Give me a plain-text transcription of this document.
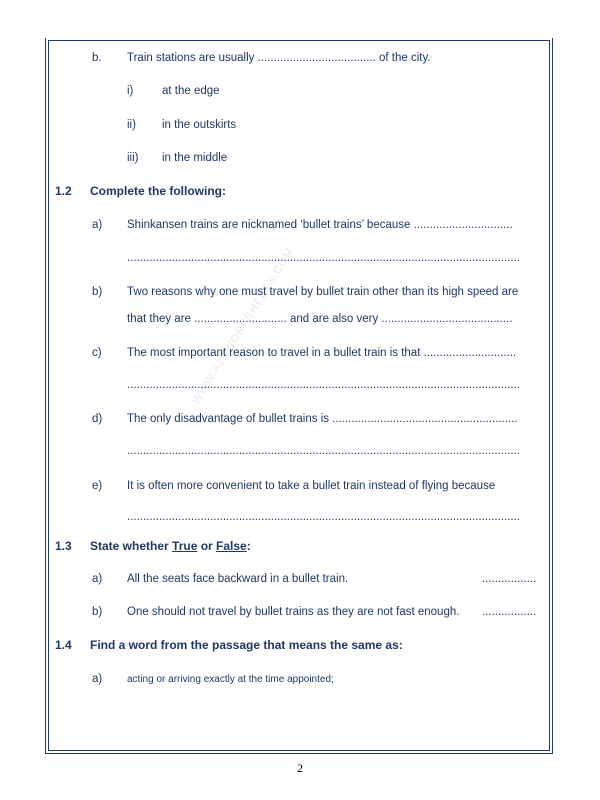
WWW.A2ZWORKSHEETS.COM
b. Train stations are usually ..................................... of the city.
i) at the edge
ii) in the outskirts
iii) in the middle
1.2 Complete the following:
a) Shinkansen trains are nicknamed ‘bullet trains’ because ...............................
...........................................................................................................................
b) Two reasons why one must travel by bullet train other than its high speed are
that they are ............................. and are also very .........................................
c) The most important reason to travel in a bullet train is that .............................
...........................................................................................................................
d) The only disadvantage of bullet trains is ..........................................................
...........................................................................................................................
e) It is often more convenient to take a bullet train instead of flying because
...........................................................................................................................
1.3 State whether True or False:
a) All the seats face backward in a bullet train.	.................
b) One should not travel by bullet trains as they are not fast enough. .................
1.4 Find a word from the passage that means the same as:
a) acting or arriving exactly at the time appointed;
2
